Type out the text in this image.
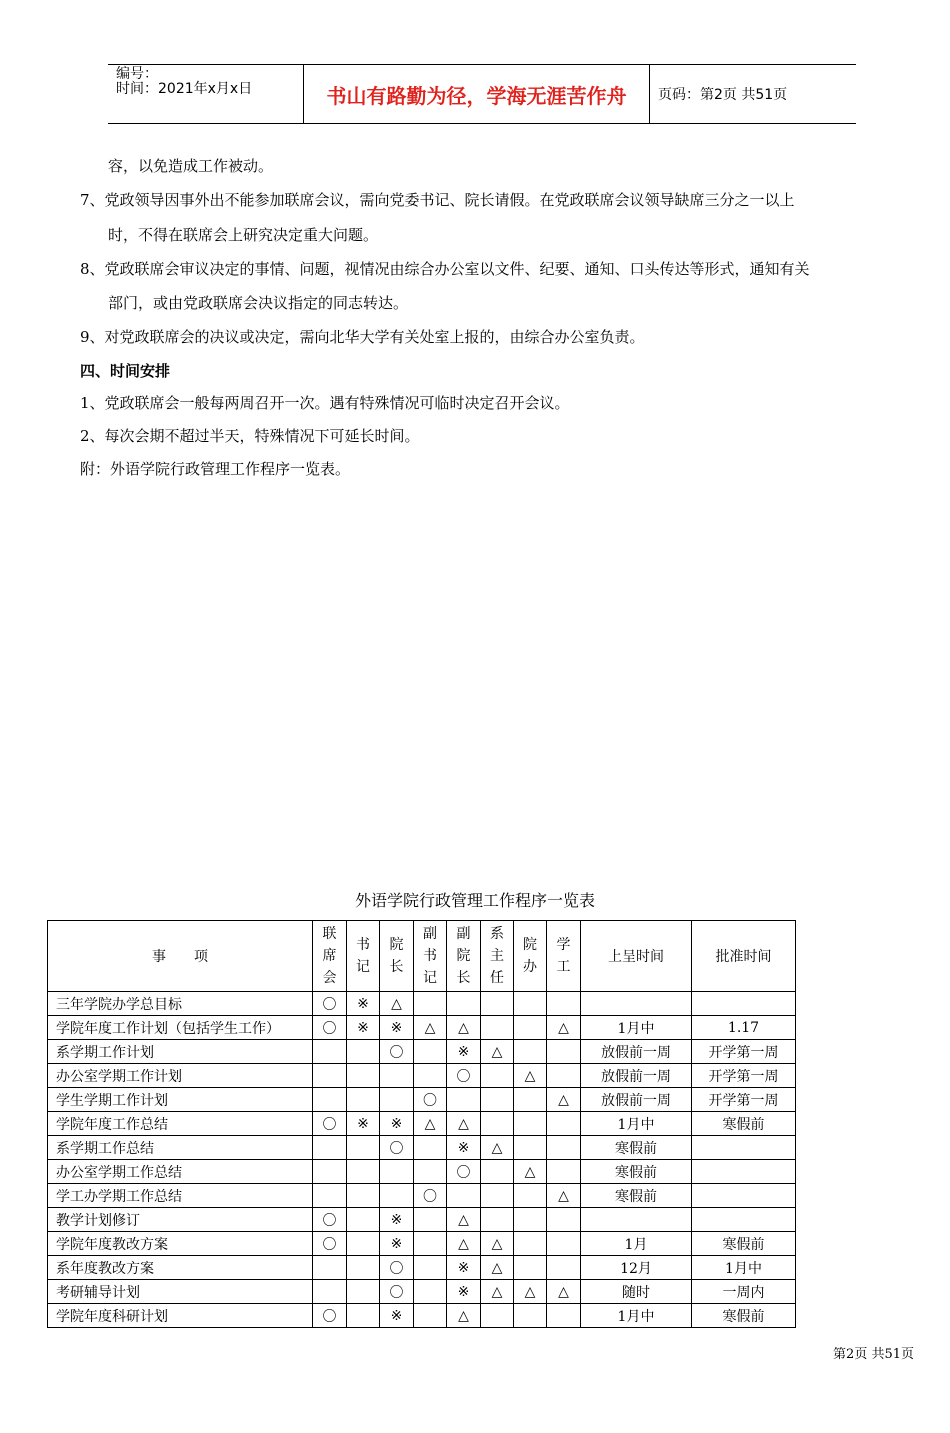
编号：
时间：2021年x月x日	书山有路勤为径，学海无涯苦作舟	页码：第2页 共51页
容，以免造成工作被动。
7、党政领导因事外出不能参加联席会议，需向党委书记、院长请假。在党政联席会议领导缺席三分之一以上
时，不得在联席会上研究决定重大问题。
8、党政联席会审议决定的事情、问题，视情况由综合办公室以文件、纪要、通知、口头传达等形式，通知有关
部门，或由党政联席会决议指定的同志转达。
9、对党政联席会的决议或决定，需向北华大学有关处室上报的，由综合办公室负责。
四、时间安排
1、党政联席会一般每两周召开一次。遇有特殊情况可临时决定召开会议。
2、每次会期不超过半天，特殊情况下可延长时间。
附：外语学院行政管理工作程序一览表。
外语学院行政管理工作程序一览表
事　　项	联席会	书记	院长	副书记	副院长	系主任	院办	学工	上呈时间	批准时间
三年学院办学总目标	〇	※	△							
学院年度工作计划（包括学生工作）	〇	※	※	△	△			△	1月中	1.17
系学期工作计划			〇		※	△			放假前一周	开学第一周
办公室学期工作计划					〇		△		放假前一周	开学第一周
学生学期工作计划				〇				△	放假前一周	开学第一周
学院年度工作总结	〇	※	※	△	△				1月中	寒假前
系学期工作总结			〇		※	△			寒假前	
办公室学期工作总结					〇		△		寒假前	
学工办学期工作总结				〇				△	寒假前	
教学计划修订	〇		※		△					
学院年度教改方案	〇		※		△	△			1月	寒假前
系年度教改方案			〇		※	△			12月	1月中
考研辅导计划			〇		※	△	△	△	随时	一周内
学院年度科研计划	〇		※		△				1月中	寒假前
第2页 共51页
